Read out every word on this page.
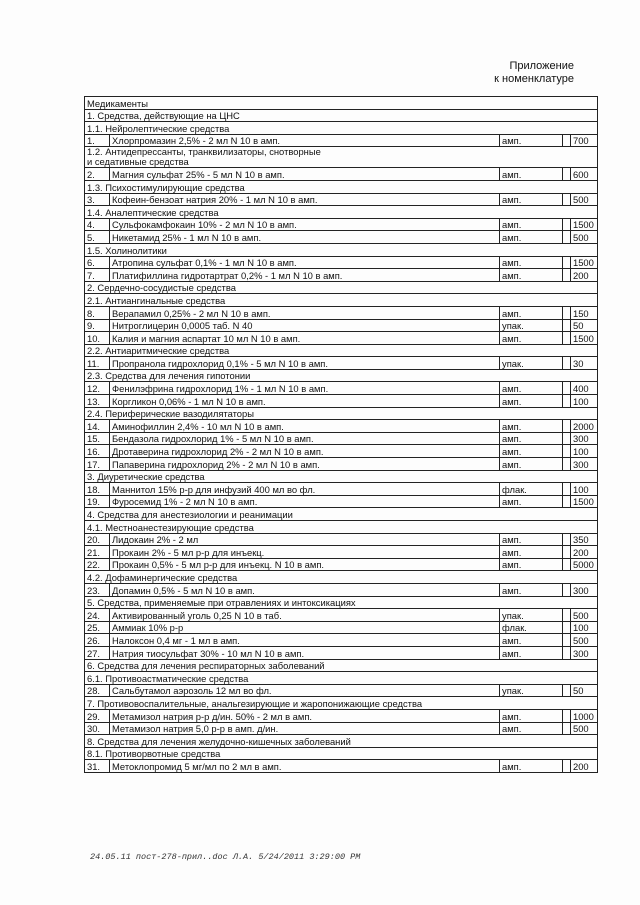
Приложение
к номенклатуре
Медикаменты				
1. Средства, действующие на ЦНС				
1.1. Нейролептические средства				
1.	Хлорпромазин 2,5% - 2 мл N 10 в амп.	амп.		700

1.2. Антидепрессанты, транквилизаторы, снотворные
и седативные средства				

2.	Магния сульфат 25% - 5 мл N 10 в амп.	амп.		600
1.3. Психостимулирующие средства				
3.	Кофеин-бензоат натрия 20% - 1 мл N 10 в амп.	амп.		500
1.4. Аналептические средства				
4.	Сульфокамфокаин 10% - 2 мл N 10 в амп.	амп.		1500
5.	Никетамид 25% - 1 мл N 10 в амп.	амп.		500
1.5. Холинолитики				
6.	Атропина сульфат 0,1% - 1 мл N 10 в амп.	амп.		1500
7.	Платифиллина гидротартрат 0,2% - 1 мл N 10 в амп.	амп.		200
2. Сердечно-сосудистые средства				
2.1. Антиангинальные средства				
8.	Верапамил 0,25% - 2 мл N 10 в амп.	амп.		150
9.	Нитроглицерин 0,0005 таб. N 40	упак.		50
10.	Калия и магния аспартат 10 мл N 10 в амп.	амп.		1500
2.2. Антиаритмические средства				
11.	Пропранола гидрохлорид 0,1% - 5 мл N 10 в амп.	упак.		30
2.3. Средства для лечения гипотонии				
12.	Фенилэфрина гидрохлорид 1% - 1 мл N 10 в амп.	амп.		400
13.	Коргликон 0,06% - 1 мл N 10 в амп.	амп.		100
2.4. Периферические вазодилятаторы				
14.	Аминофиллин 2,4% - 10 мл N 10 в амп.	амп.		2000
15.	Бендазола гидрохлорид 1% - 5 мл N 10 в амп.	амп.		300
16.	Дротаверина гидрохлорид 2% - 2 мл N 10 в амп.	амп.		100
17.	Папаверина гидрохлорид 2% - 2 мл N 10 в амп.	амп.		300
3. Диуретические средства				
18.	Маннитол 15% р-р для инфузий 400 мл во фл.	флак.		100
19.	Фуросемид 1% - 2 мл N 10 в амп.	амп.		1500
4. Средства для анестезиологии и реанимации				
4.1. Местноанестезирующие средства				
20.	Лидокаин 2% - 2 мл	амп.		350
21.	Прокаин 2% - 5 мл р-р для инъекц.	амп.		200
22.	Прокаин 0,5% - 5 мл р-р для инъекц. N 10 в амп.	амп.		5000
4.2. Дофаминергические средства				
23.	Допамин 0,5% - 5 мл N 10 в амп.	амп.		300
5. Средства, применяемые при отравлениях и интоксикациях				
24.	Активированный уголь 0,25 N 10 в таб.	упак.		500
25.	Аммиак 10% р-р	флак.		100
26.	Налоксон 0,4 мг - 1 мл в амп.	амп.		500
27.	Натрия тиосульфат 30% - 10 мл N 10 в амп.	амп.		300
6. Средства для лечения респираторных заболеваний				
6.1. Противоастматические средства				
28.	Сальбутамол аэрозоль 12 мл во фл.	упак.		50
7. Противовоспалительные, анальгезирующие и жаропонижающие средства				
29.	Метамизол натрия р-р д/ин. 50% - 2 мл в амп.	амп.		1000
30.	Метамизол натрия 5,0 р-р в амп. д/ин.	амп.		500
8. Средства для лечения желудочно-кишечных заболеваний				
8.1. Противорвотные средства				
31.	Метоклопромид 5 мг/мл по 2 мл в амп.	амп.		200
24.05.11 пост-278-прил..doc Л.А. 5/24/2011 3:29:00 PM
